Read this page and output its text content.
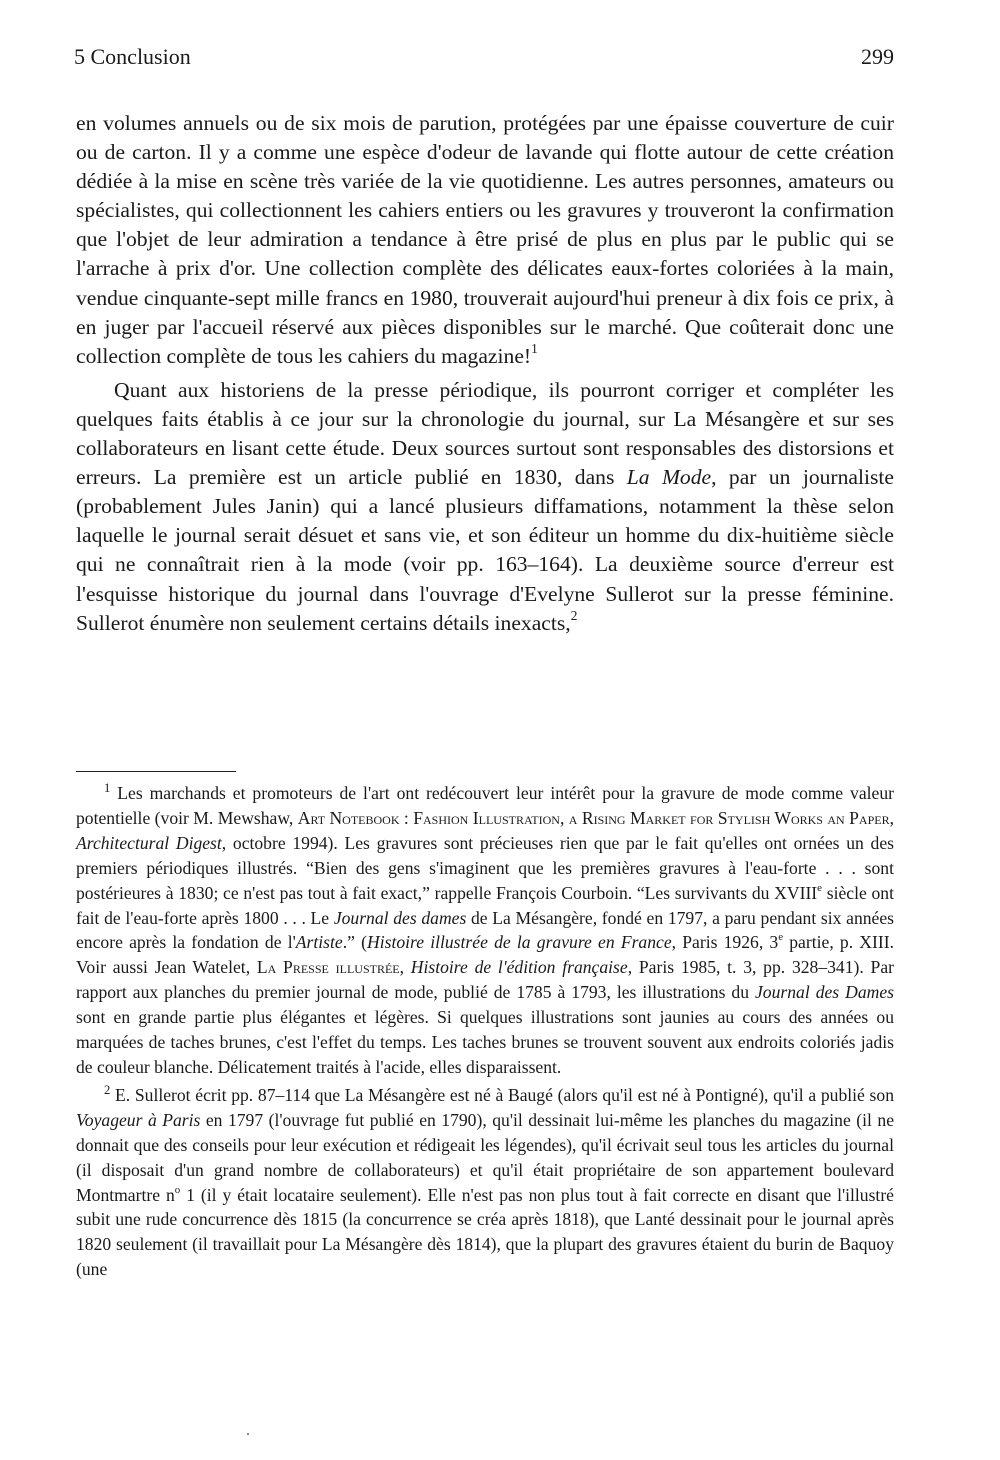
5 Conclusion	299

en volumes annuels ou de six mois de parution, protégées par une épaisse couverture de cuir ou de carton. Il y a comme une espèce d'odeur de lavande qui flotte autour de cette création dédiée à la mise en scène très variée de la vie quotidienne. Les autres personnes, amateurs ou spécialistes, qui collectionnent les cahiers entiers ou les gravures y trouveront la confirmation que l'objet de leur admiration a tendance à être prisé de plus en plus par le public qui se l'arrache à prix d'or. Une collection complète des délicates eaux-fortes coloriées à la main, vendue cinquante-sept mille francs en 1980, trouverait aujourd'hui preneur à dix fois ce prix, à en juger par l'accueil réservé aux pièces disponibles sur le marché. Que coûterait donc une collection complète de tous les cahiers du magazine!$^1$

Quant aux historiens de la presse périodique, ils pourront corriger et compléter les quelques faits établis à ce jour sur la chronologie du journal, sur La Mésangère et sur ses collaborateurs en lisant cette étude. Deux sources surtout sont responsables des distorsions et erreurs. La première est un article publié en 1830, dans La Mode, par un journaliste (probablement Jules Janin) qui a lancé plusieurs diffamations, notamment la thèse selon laquelle le journal serait désuet et sans vie, et son éditeur un homme du dix-huitième siècle qui ne connaîtrait rien à la mode (voir pp. 163–164). La deuxième source d'erreur est l'esquisse historique du journal dans l'ouvrage d'Evelyne Sullerot sur la presse féminine. Sullerot énumère non seulement certains détails inexacts,$^2$

$^1$ Les marchands et promoteurs de l'art ont redécouvert leur intérêt pour la gravure de mode comme valeur potentielle (voir M. Mewshaw, Art Notebook : Fashion Illustration, a Rising Market for Stylish Works an Paper, Architectural Digest, octobre 1994). Les gravures sont précieuses rien que par le fait qu'elles ont ornées un des premiers périodiques illustrés. “Bien des gens s'imaginent que les premières gravures à l'eau-forte . . . sont postérieures à 1830; ce n'est pas tout à fait exact,” rappelle François Courboin. “Les survivants du XVIIIe siècle ont fait de l'eau-forte après 1800 . . . Le Journal des dames de La Mésangère, fondé en 1797, a paru pendant six années encore après la fondation de l'Artiste.” (Histoire illustrée de la gravure en France, Paris 1926, 3e partie, p. XIII. Voir aussi Jean Watelet, La Presse illustrée, Histoire de l'édition française, Paris 1985, t. 3, pp. 328–341). Par rapport aux planches du premier journal de mode, publié de 1785 à 1793, les illustrations du Journal des Dames sont en grande partie plus élégantes et légères. Si quelques illustrations sont jaunies au cours des années ou marquées de taches brunes, c'est l'effet du temps. Les taches brunes se trouvent souvent aux endroits coloriés jadis de couleur blanche. Délicatement traités à l'acide, elles disparaissent.

$^2$ E. Sullerot écrit pp. 87–114 que La Mésangère est né à Baugé (alors qu'il est né à Pontigné), qu'il a publié son Voyageur à Paris en 1797 (l'ouvrage fut publié en 1790), qu'il dessinait lui-même les planches du magazine (il ne donnait que des conseils pour leur exécution et rédigeait les légendes), qu'il écrivait seul tous les articles du journal (il disposait d'un grand nombre de collaborateurs) et qu'il était propriétaire de son appartement boulevard Montmartre $n^o$ 1 (il y était locataire seulement). Elle n'est pas non plus tout à fait correcte en disant que l'illustré subit une rude concurrence dès 1815 (la concurrence se créa après 1818), que Lanté dessinait pour le journal après 1820 seulement (il travaillait pour La Mésangère dès 1814), que la plupart des gravures étaient du burin de Baquoy (une
